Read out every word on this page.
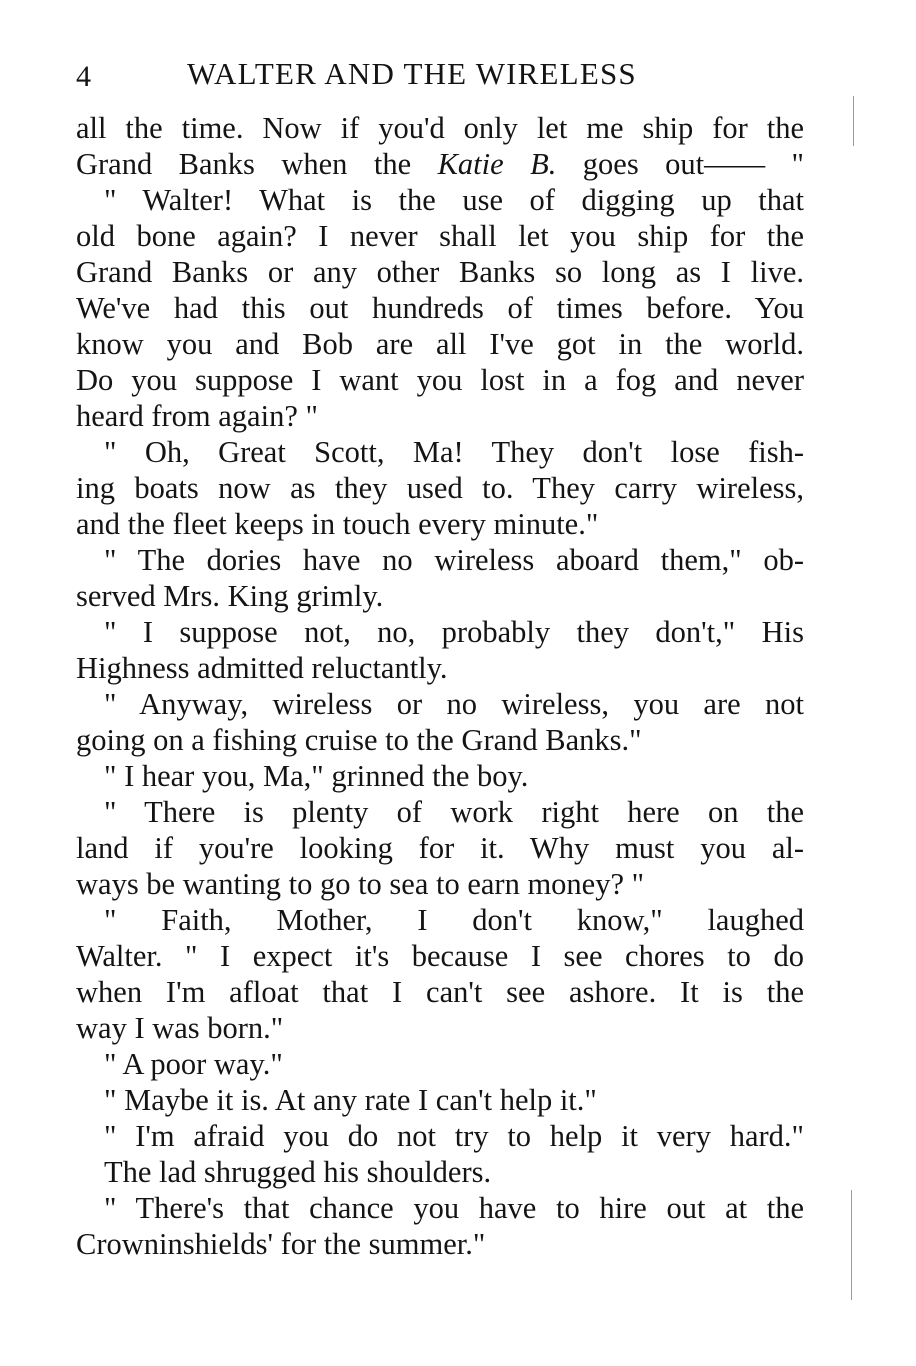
4	WALTER AND THE WIRELESS
all the time. Now if you'd only let me ship for the
Grand Banks when the Katie B. goes out—— "
" Walter! What is the use of digging up that
old bone again? I never shall let you ship for the
Grand Banks or any other Banks so long as I live.
We've had this out hundreds of times before. You
know you and Bob are all I've got in the world.
Do you suppose I want you lost in a fog and never
heard from again? "
" Oh, Great Scott, Ma! They don't lose fish-
ing boats now as they used to. They carry wireless,
and the fleet keeps in touch every minute."
" The dories have no wireless aboard them," ob-
served Mrs. King grimly.
" I suppose not, no, probably they don't," His
Highness admitted reluctantly.
" Anyway, wireless or no wireless, you are not
going on a fishing cruise to the Grand Banks."
" I hear you, Ma," grinned the boy.
" There is plenty of work right here on the
land if you're looking for it. Why must you al-
ways be wanting to go to sea to earn money? "
" Faith, Mother, I don't know," laughed
Walter. " I expect it's because I see chores to do
when I'm afloat that I can't see ashore. It is the
way I was born."
" A poor way."
" Maybe it is. At any rate I can't help it."
" I'm afraid you do not try to help it very hard."
The lad shrugged his shoulders.
" There's that chance you have to hire out at the
Crowninshields' for the summer."
